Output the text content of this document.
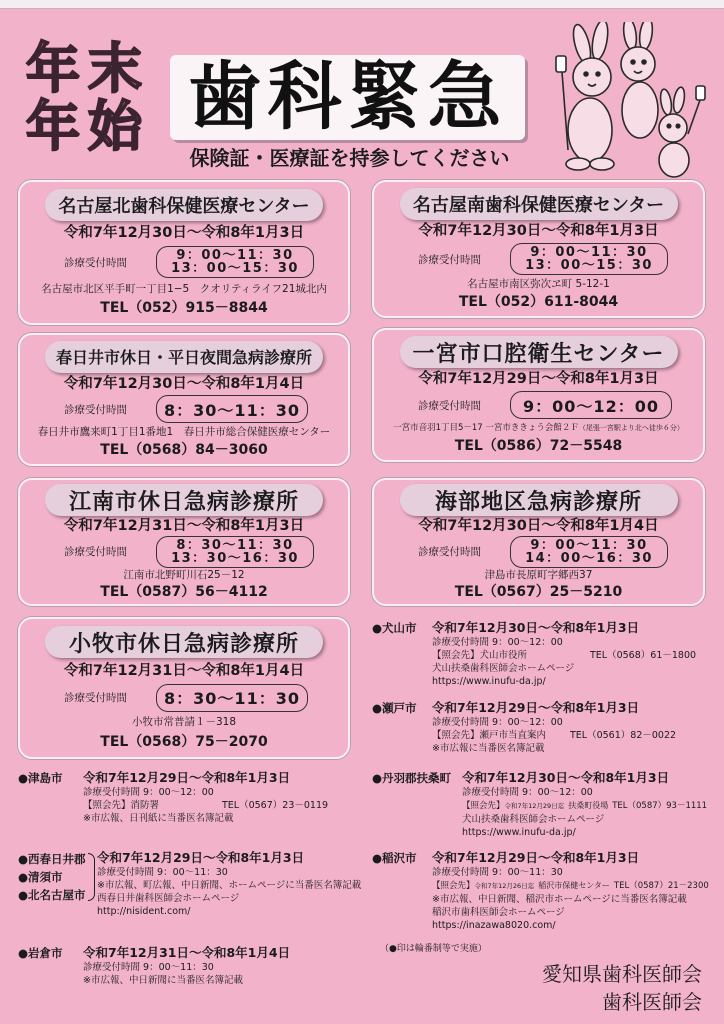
年 末
年 始 歯科緊急
保険証・医療証を持参してください
名古屋北歯科保健医療センター
令和7年12月30日～令和8年1月3日
診療受付時間	9：00～11：30
13：00～15：30
名古屋市北区平手町一丁目1−5　クオリティライフ21城北内
TEL（052）915－8844
春日井市休日・平日夜間急病診療所
令和7年12月30日～令和8年1月4日
診療受付時間	8：30～11：30
春日井市鷹来町1丁目1番地1　春日井市総合保健医療センター
TEL（0568）84－3060
江南市休日急病診療所
令和7年12月31日～令和8年1月3日
診療受付時間	8：30～11：30
13：30～16：30
江南市北野町川石25－12
TEL（0587）56－4112
小牧市休日急病診療所
令和7年12月31日～令和8年1月4日
診療受付時間	8：30～11：30
小牧市常普請１－318
TEL（0568）75－2070
名古屋南歯科保健医療センター
令和7年12月30日～令和8年1月3日
診療受付時間	9：00～11：30
13：00～15：30
名古屋市南区弥次ヱ町 5-12-1
TEL（052）611-8044
一宮市口腔衛生センター
令和7年12月29日～令和8年1月3日
診療受付時間	9：00～12：00
一宮市音羽1丁目5－17 一宮市ききょう会館２Ｆ（尾張一宮駅より北へ徒歩６分）
TEL（0586）72－5548
海部地区急病診療所
令和7年12月30日～令和8年1月4日
診療受付時間	9：00～11：30
14：00～16：30
津島市長原町字郷西37
TEL（0567）25－5210
●犬山市 令和7年12月30日～令和8年1月3日
診療受付時間 9：00～12：00
【照会先】犬山市役所	TEL（0568）61－1800
犬山扶桑歯科医師会ホームページ
https://www.inufu-da.jp/
●瀬戸市 令和7年12月29日～令和8年1月3日
診療受付時間 9：00～12：00
【照会先】瀬戸市当直案内	TEL（0561）82－0022
※市広報に当番医名簿記載
●丹羽郡扶桑町 令和7年12月30日～令和8年1月3日
診療受付時間 9：00～12：00
【照会先】 令和7年12月29日迄 扶桑町役場 TEL（0587）93－1111
犬山扶桑歯科医師会ホームページ
https://www.inufu-da.jp/
●稲沢市 令和7年12月29日～令和8年1月3日
診療受付時間 9：00～11：30
【照会先】 令和7年12月26日迄 稲沢市保健センター TEL（0587）21－2300
※市広報、中日新聞、稲沢市ホームページに当番医名簿記載
稲沢市歯科医師会ホームページ
https://inazawa8020.com/
●津島市 令和7年12月29日～令和8年1月3日
診療受付時間 9：00～12：00
【照会先】消防署	TEL（0567）23－0119
※市広報、日刊紙に当番医名簿記載
●西春日井郡
●清須市
●北名古屋市
令和7年12月29日～令和8年1月3日
診療受付時間 9：00～11：30
※市広報、町広報、中日新聞、ホームページに当番医名簿記載
西春日井歯科医師会ホームページ
http://nisident.com/
●岩倉市 令和7年12月31日～令和8年1月4日
診療受付時間 9：00～11：30
※市広報、中日新聞に当番医名簿記載
（●印は輪番制等で実施）
愛知県歯科医師会
歯科医師会
